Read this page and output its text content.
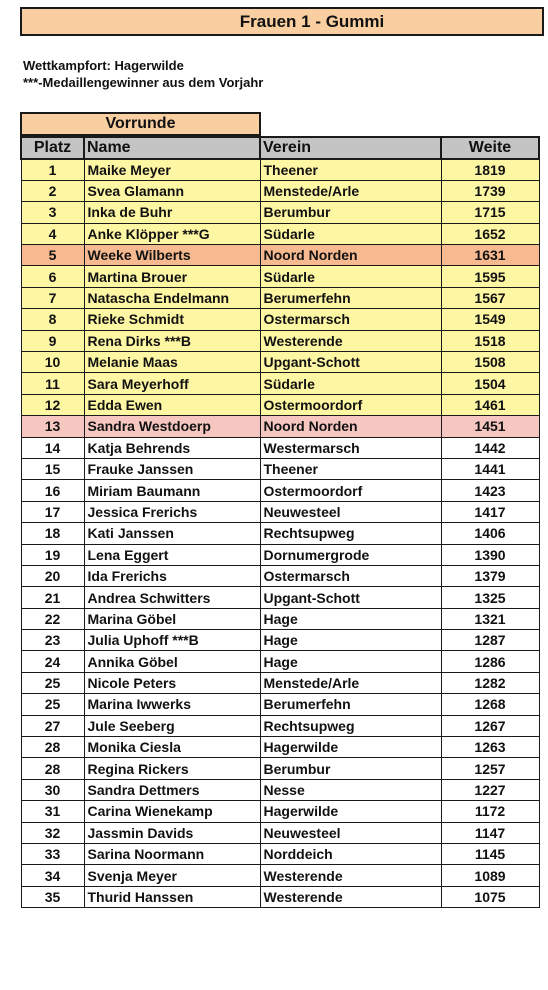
Frauen 1 - Gummi
Wettkampfort: Hagerwilde
***-Medaillengewinner aus dem Vorjahr
Vorrunde
Platz	Name	Verein	Weite
1	Maike Meyer	Theener	1819
2	Svea Glamann	Menstede/Arle	1739
3	Inka de Buhr	Berumbur	1715
4	Anke Klöpper ***G	Südarle	1652
5	Weeke Wilberts	Noord Norden	1631
6	Martina Brouer	Südarle	1595
7	Natascha Endelmann	Berumerfehn	1567
8	Rieke Schmidt	Ostermarsch	1549
9	Rena Dirks ***B	Westerende	1518
10	Melanie Maas	Upgant-Schott	1508
11	Sara Meyerhoff	Südarle	1504
12	Edda Ewen	Ostermoordorf	1461
13	Sandra Westdoerp	Noord Norden	1451
14	Katja Behrends	Westermarsch	1442
15	Frauke Janssen	Theener	1441
16	Miriam Baumann	Ostermoordorf	1423
17	Jessica Frerichs	Neuwesteel	1417
18	Kati Janssen	Rechtsupweg	1406
19	Lena Eggert	Dornumergrode	1390
20	Ida Frerichs	Ostermarsch	1379
21	Andrea Schwitters	Upgant-Schott	1325
22	Marina Göbel	Hage	1321
23	Julia Uphoff ***B	Hage	1287
24	Annika Göbel	Hage	1286
25	Nicole Peters	Menstede/Arle	1282
25	Marina Iwwerks	Berumerfehn	1268
27	Jule Seeberg	Rechtsupweg	1267
28	Monika Ciesla	Hagerwilde	1263
28	Regina Rickers	Berumbur	1257
30	Sandra Dettmers	Nesse	1227
31	Carina Wienekamp	Hagerwilde	1172
32	Jassmin Davids	Neuwesteel	1147
33	Sarina Noormann	Norddeich	1145
34	Svenja Meyer	Westerende	1089
35	Thurid Hanssen	Westerende	1075
